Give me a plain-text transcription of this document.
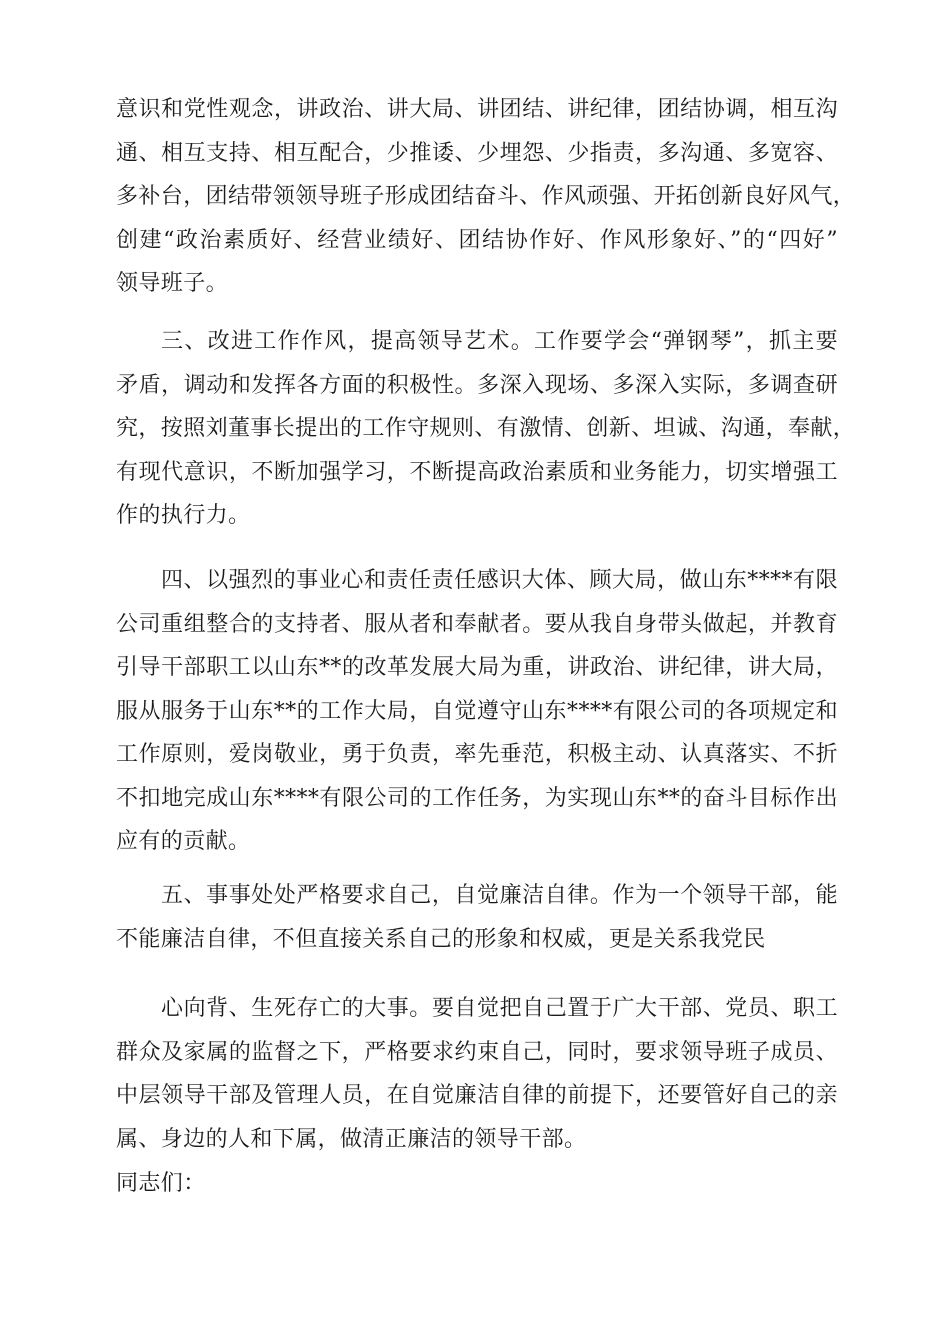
意识和党性观念，讲政治、讲大局、讲团结、讲纪律，团结协调，相互沟
通、相互支持、相互配合，少推诿、少埋怨、少指责，多沟通、多宽容、
多补台，团结带领领导班子形成团结奋斗、作风顽强、开拓创新良好风气，
创建“政治素质好、经营业绩好、团结协作好、作风形象好、”的“四好”
领导班子。
三、改进工作作风，提高领导艺术。工作要学会“弹钢琴”，抓主要
矛盾，调动和发挥各方面的积极性。多深入现场、多深入实际，多调查研
究，按照刘董事长提出的工作守规则、有激情、创新、坦诚、沟通，奉献，
有现代意识，不断加强学习，不断提高政治素质和业务能力，切实增强工
作的执行力。
四、以强烈的事业心和责任责任感识大体、顾大局，做山东****有限
公司重组整合的支持者、服从者和奉献者。要从我自身带头做起，并教育
引导干部职工以山东**的改革发展大局为重，讲政治、讲纪律，讲大局，
服从服务于山东**的工作大局，自觉遵守山东****有限公司的各项规定和
工作原则，爱岗敬业，勇于负责，率先垂范，积极主动、认真落实、不折
不扣地完成山东****有限公司的工作任务，为实现山东**的奋斗目标作出
应有的贡献。
五、事事处处严格要求自己，自觉廉洁自律。作为一个领导干部，能
不能廉洁自律，不但直接关系自己的形象和权威，更是关系我党民
心向背、生死存亡的大事。要自觉把自己置于广大干部、党员、职工
群众及家属的监督之下，严格要求约束自己，同时，要求领导班子成员、
中层领导干部及管理人员，在自觉廉洁自律的前提下，还要管好自己的亲
属、身边的人和下属，做清正廉洁的领导干部。
同志们：
